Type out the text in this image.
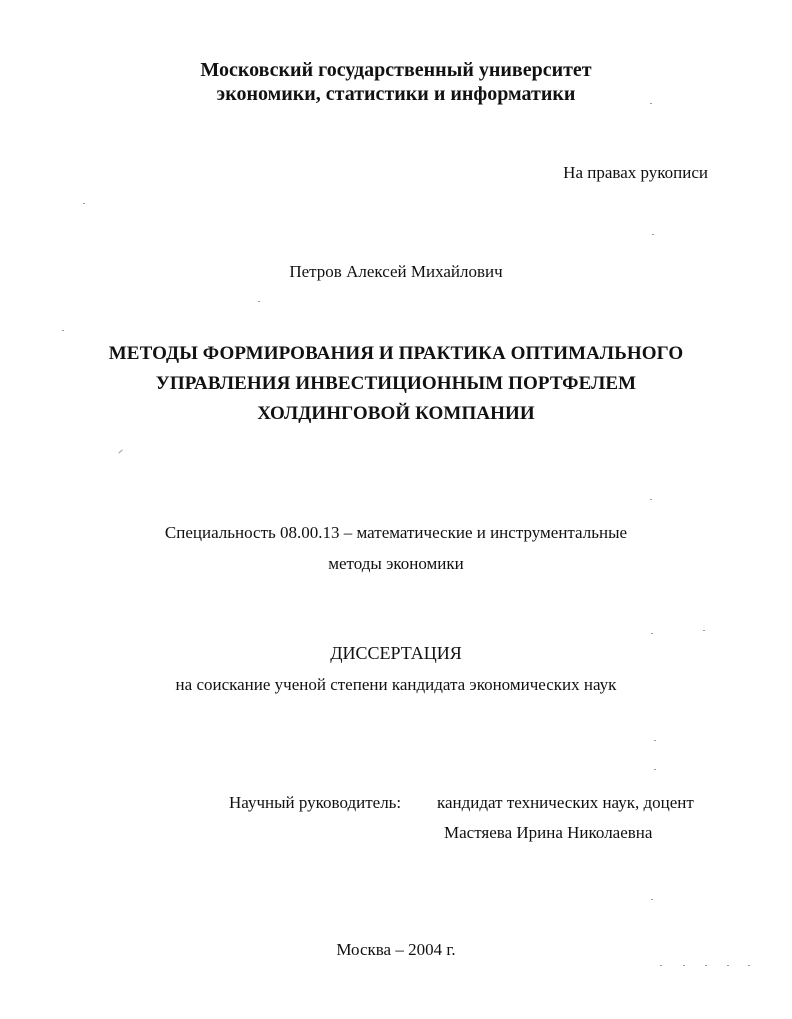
Московский государственный университет
экономики, статистики и информатики
На правах рукописи
Петров Алексей Михайлович
МЕТОДЫ ФОРМИРОВАНИЯ И ПРАКТИКА ОПТИМАЛЬНОГО
УПРАВЛЕНИЯ ИНВЕСТИЦИОННЫМ ПОРТФЕЛЕМ
ХОЛДИНГОВОЙ КОМПАНИИ
Специальность 08.00.13 – математические и инструментальные
методы экономики
ДИССЕРТАЦИЯ
на соискание ученой степени кандидата экономических наук
Научный руководитель: кандидат технических наук, доцент
Мастяева Ирина Николаевна
Москва – 2004 г.
